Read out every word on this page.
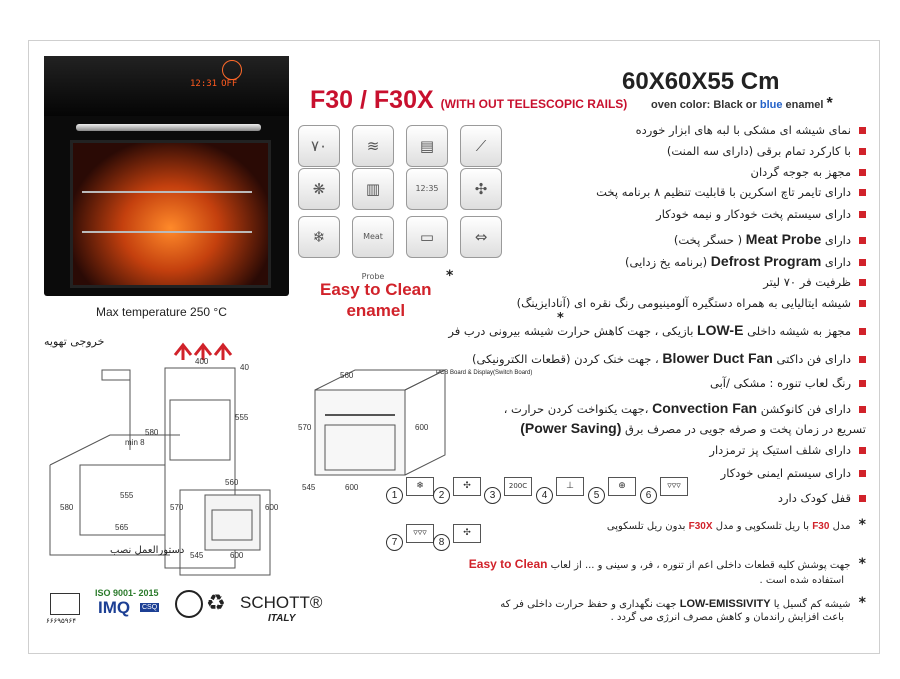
12:31 OFF	60X60X55 Cm
F30 / F30X (WITH OUT TELESCOPIC RAILS) oven color: Black or blue enamel *
٧٠	≋	▤	⟋
❋	▥	12:35	✣
❄	Meat Probe
▭	⇔
Max temperature 250 °C
Easy to Clean
enamel
*
نمای شیشه ای مشکی با لبه های ابزار خورده
با کارکرد تمام برقی (دارای سه المنت)
مجهز به جوجه گردان
دارای تایمر تاچ اسکرین با قابلیت تنظیم ۸ برنامه پخت
دارای سیستم پخت خودکار و نیمه خودکار
دارای Meat Probe ( حسگر پخت)
دارای Defrost Program (برنامه یخ زدایی)
ظرفیت فر ۷۰ لیتر
شیشه ایتالیایی به همراه دستگیره آلومینیومی رنگ نقره ای (آنادایزینگ)
مجهز به شیشه داخلی LOW-E بازیکی ، جهت کاهش حرارت شیشه بیرونی درب فر
دارای فن داکتی Blower Duct Fan ، جهت خنک کردن (قطعات الکترونیکی)
رنگ لعاب تنوره : مشکی /آبی
دارای فن کانوکشن Convection Fan ،جهت یکنواخت کردن حرارت ،
تسریع در زمان پخت و صرفه جویی در مصرف برق (Power Saving)
دارای شلف استیک پز ترمزدار
دارای سیستم ایمنی خودکار
قفل کودک دارد
PCB Board & Display(Switch Board)
*
خروجی تهویه
400
40
555
580
min 8
555
565
580
560
570	600
545	600
560
570	600
545	600
دستورالعمل نصب
1
❄
2
✣
3
200C
4
⊥
5
⊕
6
▿▿▿
7
▿▿▿
8
✣	* مدل F30 با ریل تلسکوپی و مدل F30X بدون ریل تلسکوپی
* جهت پوشش کلیه قطعات داخلی اعم از تنوره ، فر، و سینی و ... از لعاب Easy to Clean
استفاده شده است .
* شیشه کم گسیل یا LOW-EMISSIVITY جهت نگهداری و حفظ حرارت داخلی فر که
باعث افزایش راندمان و کاهش مصرف انرژی می گردد .
۶۶۶۹۵۹۶۴
ISO 9001- 2015
IMQ CSQ ♻ SCHOTT®
ITALY
